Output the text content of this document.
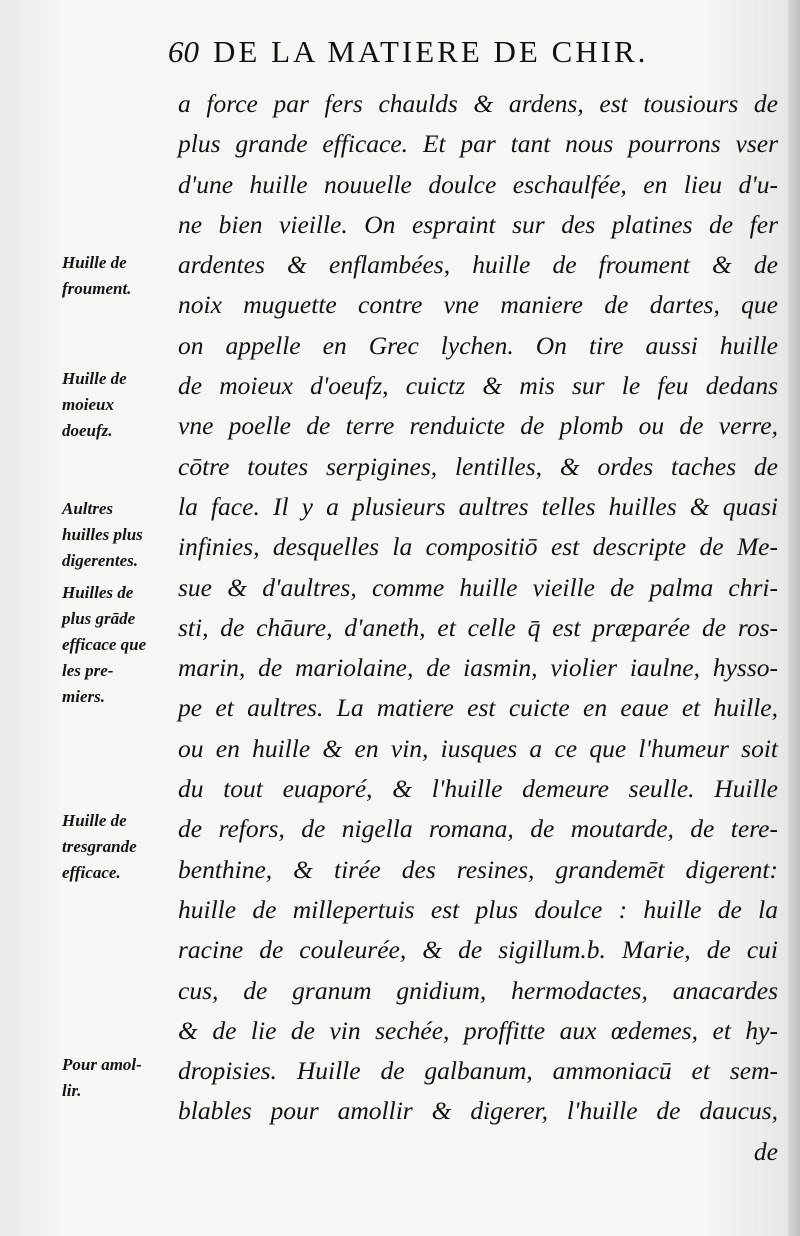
60 DE LA MATIERE DE CHIR.
a force par fers chaulds & ardens, est tousiours de
plus grande efficace. Et par tant nous pourrons vser
d'une huille nouuelle doulce eschaulfée, en lieu d'u-
ne bien vieille. On espraint sur des platines de fer
ardentes & enflambées, huille de froument & de
noix muguette contre vne maniere de dartes, que
on appelle en Grec lychen. On tire aussi huille
de moieux d'oeufz, cuictz & mis sur le feu dedans
vne poelle de terre renduicte de plomb ou de verre,
cōtre toutes serpigines, lentilles, & ordes taches de
la face. Il y a plusieurs aultres telles huilles & quasi
infinies, desquelles la compositiō est descripte de Me-
sue & d'aultres, comme huille vieille de palma chri-
sti, de chāure, d'aneth, et celle q̄ est præparée de ros-
marin, de mariolaine, de iasmin, violier iaulne, hysso-
pe et aultres. La matiere est cuicte en eaue et huille,
ou en huille & en vin, iusques a ce que l'humeur soit
du tout euaporé, & l'huille demeure seulle. Huille
de refors, de nigella romana, de moutarde, de tere-
benthine, & tirée des resines, grandemēt digerent:
huille de millepertuis est plus doulce : huille de la
racine de couleurée, & de sigillum.b. Marie, de cui
cus, de granum gnidium, hermodactes, anacardes
& de lie de vin sechée, proffitte aux œdemes, et hy-
dropisies. Huille de galbanum, ammoniacū et sem-
blables pour amollir & digerer, l'huille de daucus,
de
Huille de
froument.
Huille de
moieux
doeufz.
Aultres
huilles plus
digerentes.
Huilles de
plus grāde
efficace que
les pre-
miers.
Huille de
tresgrande
efficace.
Pour amol-
lir.
